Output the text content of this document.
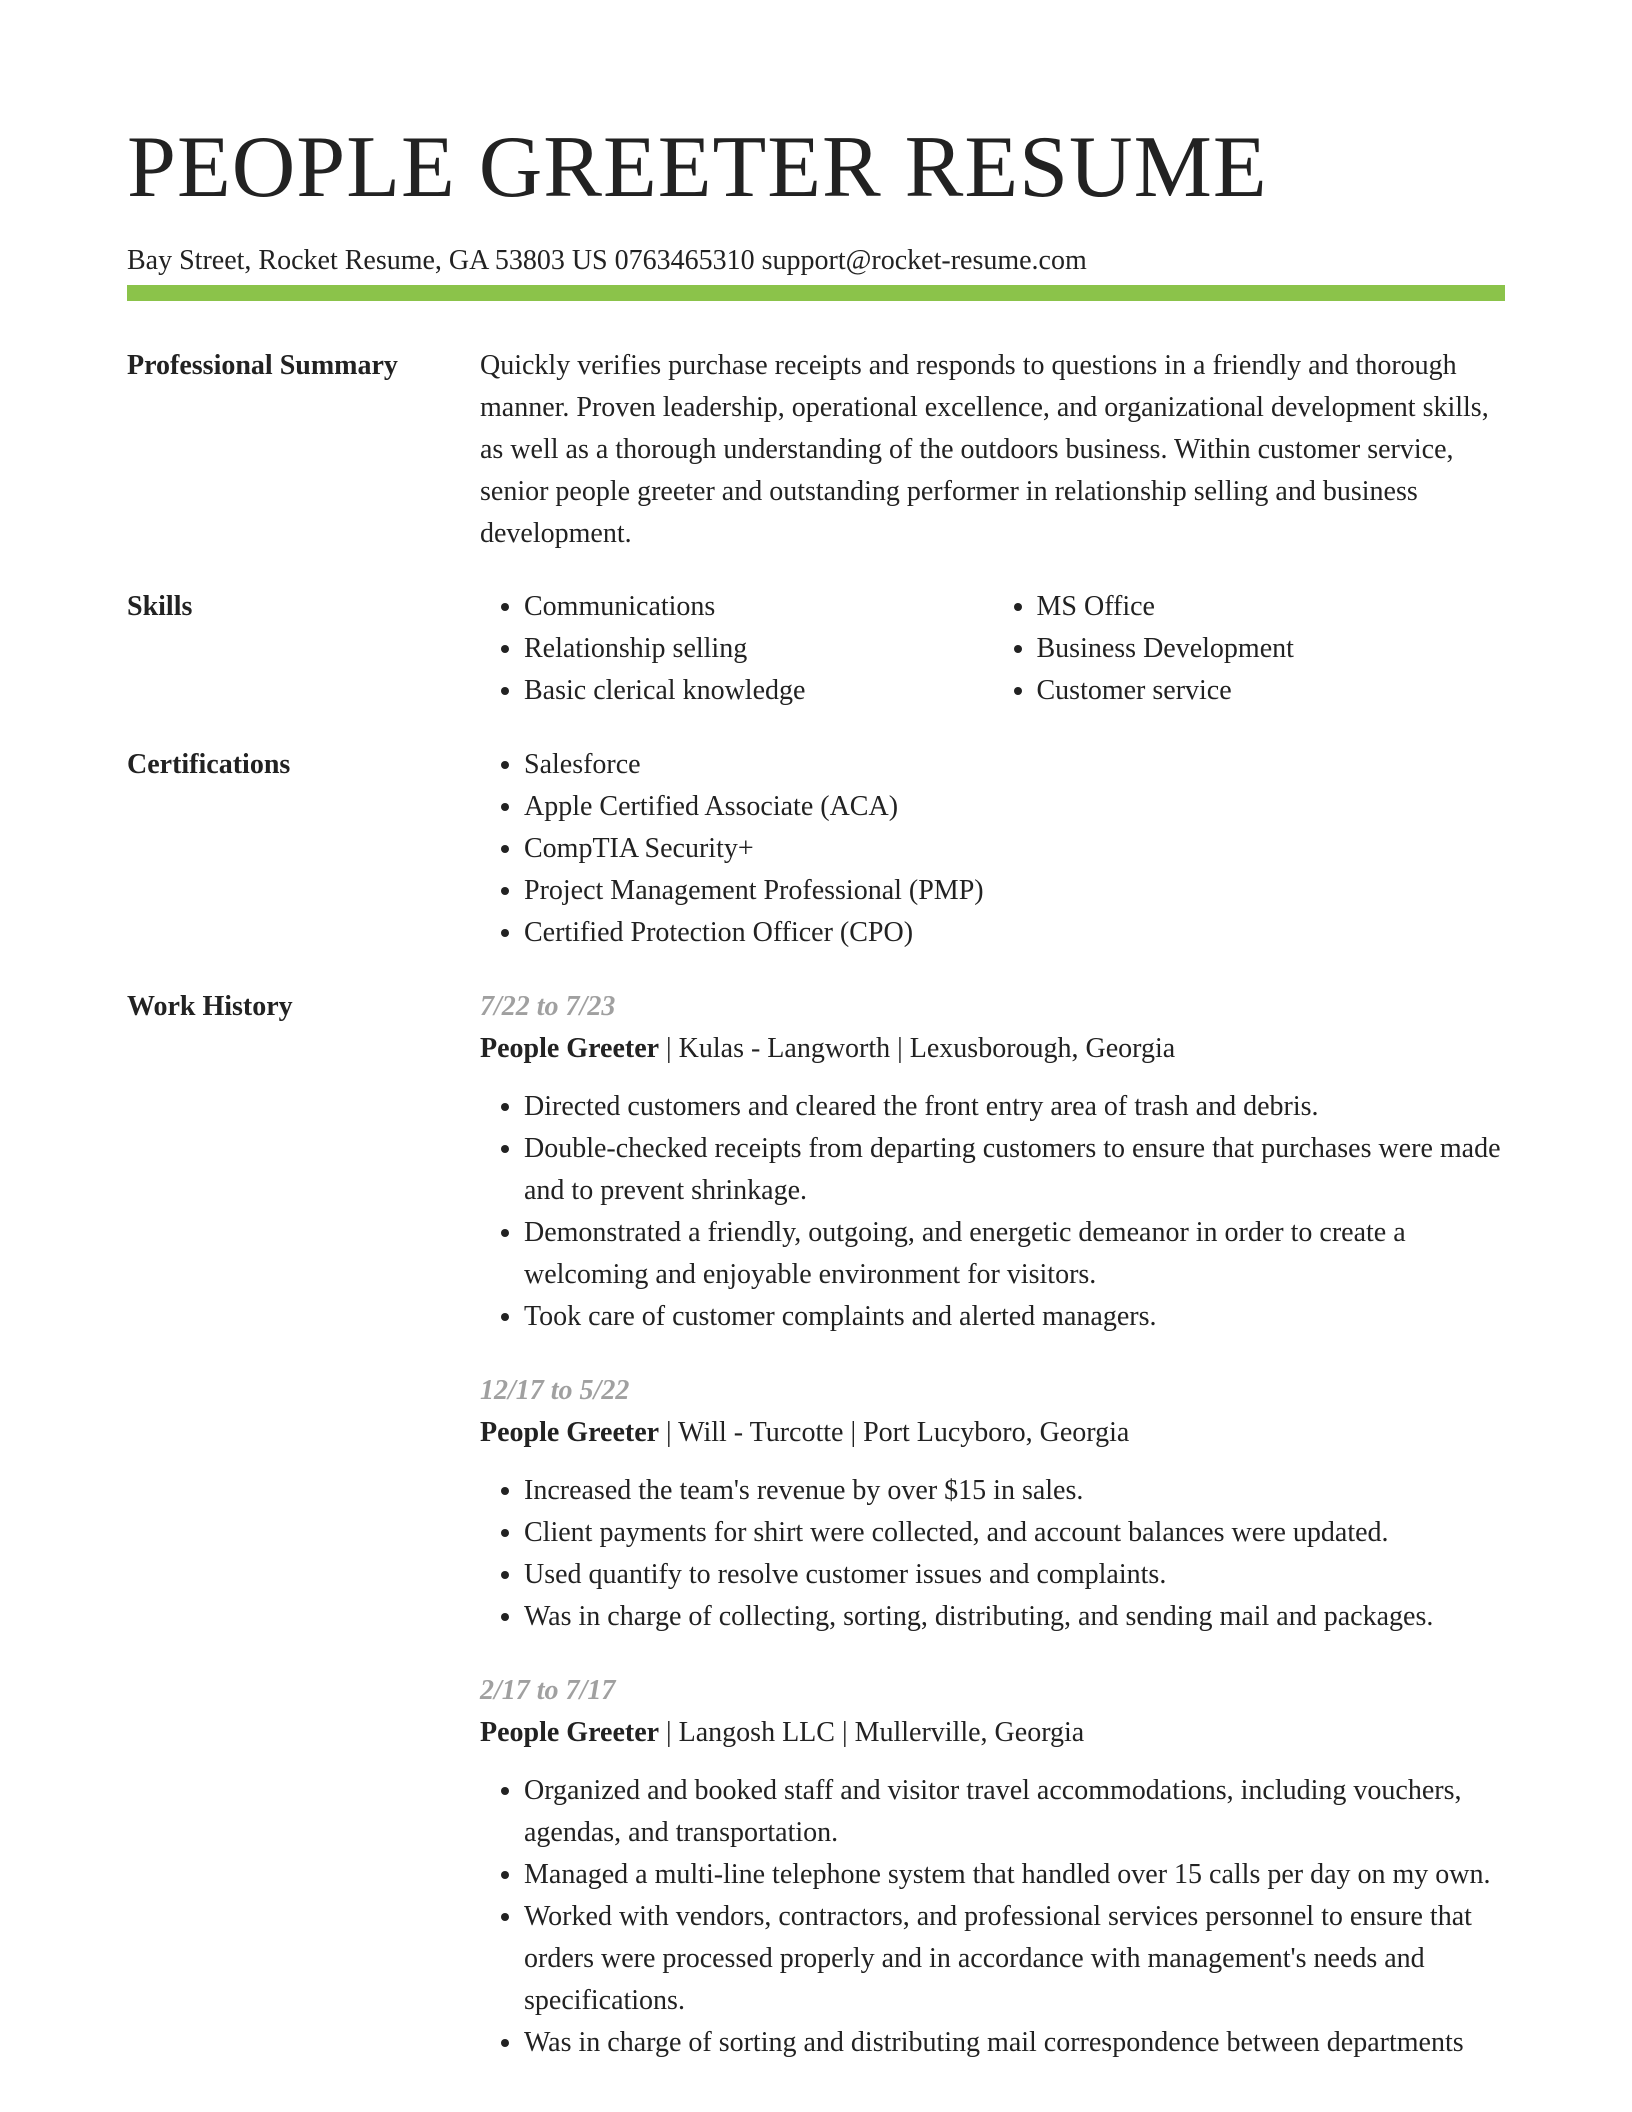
PEOPLE GREETER RESUME
Bay Street, Rocket Resume, GA 53803 US 0763465310 support@rocket-resume.com
Professional Summary	Quickly verifies purchase receipts and responds to questions in a friendly and thorough manner. Proven leadership, operational excellence, and organizational development skills, as well as a thorough understanding of the outdoors business. Within customer service, senior people greeter and outstanding performer in relationship selling and business development.

Skills	• Communications
• Relationship selling
• Basic clerical knowledge
• MS Office
• Business Development
• Customer service
Certifications	• Salesforce
• Apple Certified Associate (ACA)
• CompTIA Security+
• Project Management Professional (PMP)
• Certified Protection Officer (CPO)
Work History	7/22 to 7/23
People Greeter | Kulas - Langworth | Lexusborough, Georgia
• Directed customers and cleared the front entry area of trash and debris.
• Double-checked receipts from departing customers to ensure that purchases were made and to prevent shrinkage.
• Demonstrated a friendly, outgoing, and energetic demeanor in order to create a welcoming and enjoyable environment for visitors.
• Took care of customer complaints and alerted managers.
12/17 to 5/22
People Greeter | Will - Turcotte | Port Lucyboro, Georgia
• Increased the team's revenue by over $15 in sales.
• Client payments for shirt were collected, and account balances were updated.
• Used quantify to resolve customer issues and complaints.
• Was in charge of collecting, sorting, distributing, and sending mail and packages.
2/17 to 7/17
People Greeter | Langosh LLC | Mullerville, Georgia
• Organized and booked staff and visitor travel accommodations, including vouchers, agendas, and transportation.
• Managed a multi-line telephone system that handled over 15 calls per day on my own.
• Worked with vendors, contractors, and professional services personnel to ensure that orders were processed properly and in accordance with management's needs and specifications.
• Was in charge of sorting and distributing mail correspondence between departments
